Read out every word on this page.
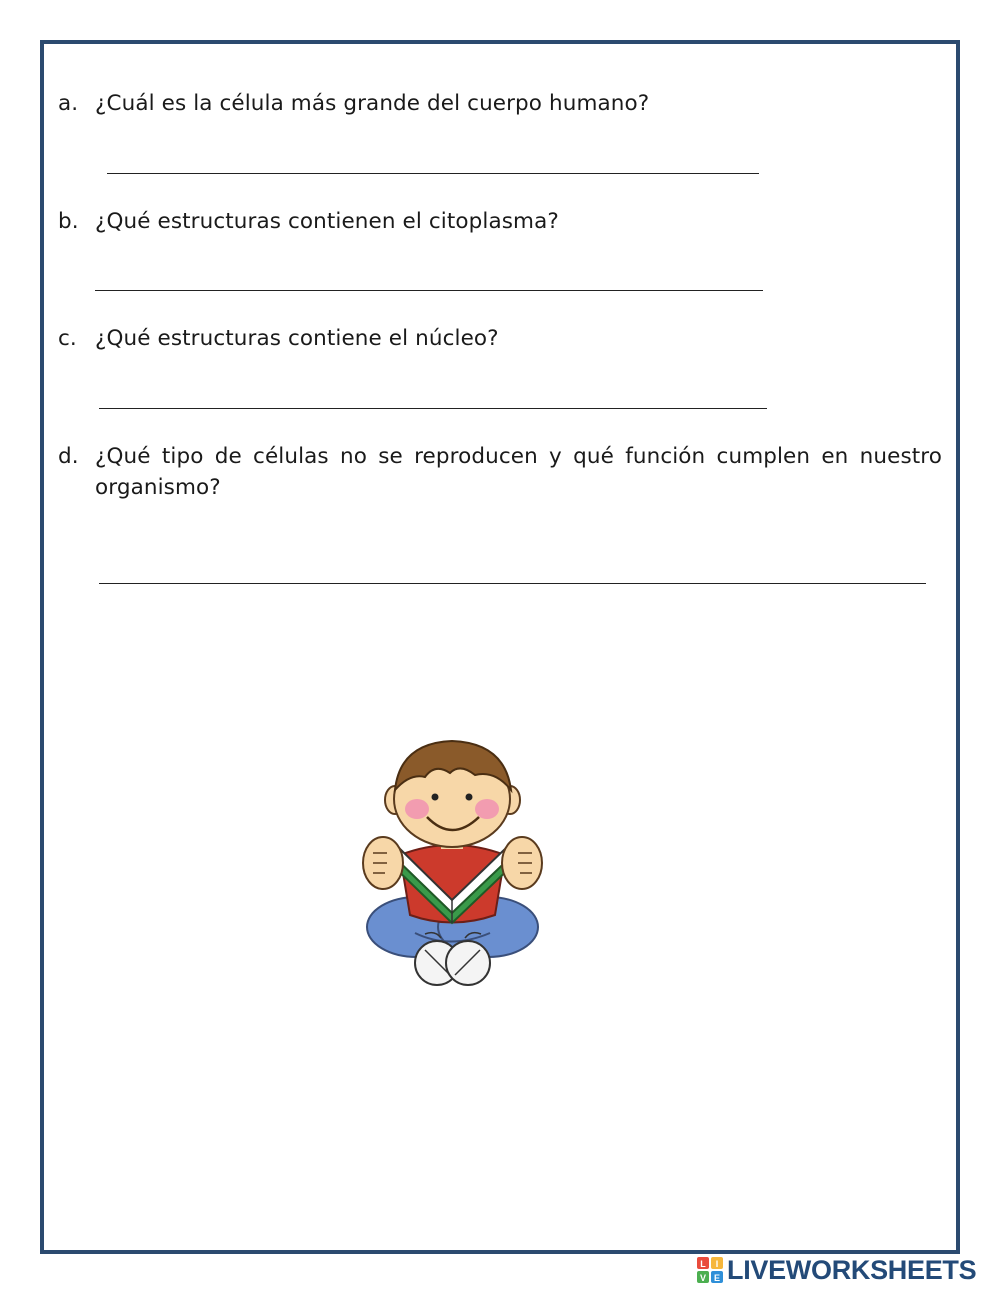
a. ¿Cuál es la célula más grande del cuerpo humano?
b. ¿Qué estructuras contienen el citoplasma?
c. ¿Qué estructuras contiene el núcleo?
d. ¿Qué tipo de células no se reproducen y qué función cumplen en nuestro organismo?
L I
V E LIVEWORKSHEETS
